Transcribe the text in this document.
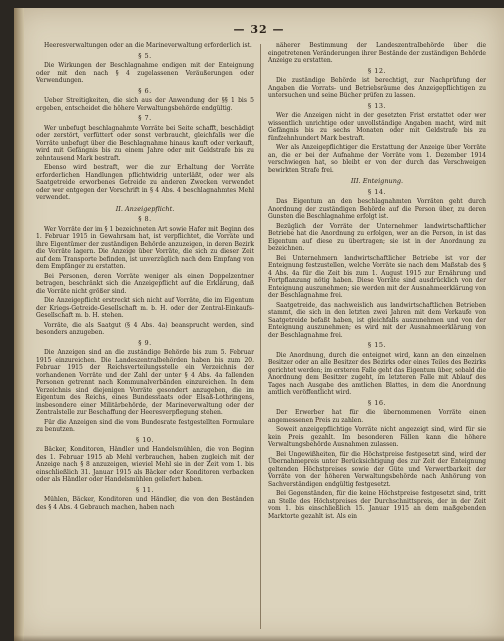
— 32 —

Heeresverwaltungen oder an die Marineverwaltung erforderlich ist.

§ 5.

Die Wirkungen der Beschlagnahme endigen mit der Enteignung oder mit den nach § 4 zugelassenen Veräußerungen oder Verwendungen.

§ 6.

Ueber Streitigkeiten, die sich aus der Anwendung der §§ 1 bis 5 ergeben, entscheidet die höhere Verwaltungsbehörde endgültig.

§ 7.

Wer unbefugt beschlagnahmte Vorräte bei Seite schafft, beschädigt oder zerstört, verfüttert oder sonst verbraucht, gleichfalls wer die Vorräte unbefugt über die Beschlagnahme hinaus kauft oder verkauft, wird mit Gefängnis bis zu einem Jahre oder mit Geldstrafe bis zu zehntausend Mark bestraft.

Ebenso wird bestraft, wer die zur Erhaltung der Vorräte erforderlichen Handlungen pflichtwidrig unterläßt, oder wer als Saatgetreide erworbenes Getreide zu anderen Zwecken verwendet oder wer entgegen der Vorschrift in § 4 Abs. 4 beschlagnahmtes Mehl verwendet.

II. Anzeigepflicht.
§ 8.

Wer Vorräte der im § 1 bezeichneten Art sowie Hafer mit Beginn des 1. Februar 1915 in Gewahrsam hat, ist verpflichtet, die Vorräte und ihre Eigentümer der zuständigen Behörde anzuzeigen, in deren Bezirk die Vorräte lagern. Die Anzeige über Vorräte, die sich zu dieser Zeit auf dem Transporte befinden, ist unverzüglich nach dem Empfang von dem Empfänger zu erstatten.

Bei Personen, deren Vorräte weniger als einen Doppelzentner betragen, beschränkt sich die Anzeigepflicht auf die Erklärung, daß die Vorräte nicht größer sind.

Die Anzeigepflicht erstreckt sich nicht auf Vorräte, die im Eigentum der Kriegs-Getreide-Gesellschaft m. b. H. oder der Zentral-Einkaufs-Gesellschaft m. b. H. stehen.

Vorräte, die als Saatgut (§ 4 Abs. 4a) beansprucht werden, sind besonders anzugeben.

§ 9.

Die Anzeigen sind an die zuständige Behörde bis zum 5. Februar 1915 einzureichen. Die Landeszentralbehörden haben bis zum 20. Februar 1915 der Reichsverteilungsstelle ein Verzeichnis der vorhandenen Vorräte und der Zahl der unter § 4 Abs. 4a fallenden Personen getrennt nach Kommunalverbänden einzureichen. In dem Verzeichnis sind diejenigen Vorräte gesondert anzugeben, die im Eigentum des Reichs, eines Bundesstaats oder Elsaß-Lothringens, insbesondere einer Militärbehörde, der Marineverwaltung oder der Zentralstelle zur Beschaffung der Heeresverpflegung stehen.

Für die Anzeigen sind die vom Bundesrate festgestellten Formulare zu benutzen.

§ 10.

Bäcker, Konditoren, Händler und Handelsmühlen, die von Beginn des 1. Februar 1915 ab Mehl verbrauchen, haben zugleich mit der Anzeige nach § 8 anzuzeigen, wieviel Mehl sie in der Zeit vom 1. bis einschließlich 31. Januar 1915 als Bäcker oder Konditoren verbacken oder als Händler oder Handelsmühlen geliefert haben.

§ 11.

Mühlen, Bäcker, Konditoren und Händler, die von den Beständen des § 4 Abs. 4 Gebrauch machen, haben nach

näherer Bestimmung der Landeszentralbehörde über die eingetretenen Veränderungen ihrer Bestände der zuständigen Behörde Anzeige zu erstatten.

§ 12.

Die zuständige Behörde ist berechtigt, zur Nachprüfung der Angaben die Vorrats- und Betriebsräume des Anzeigepflichtigen zu untersuchen und seine Bücher prüfen zu lassen.

§ 13.

Wer die Anzeigen nicht in der gesetzten Frist erstattet oder wer wissentlich unrichtige oder unvollständige Angaben macht, wird mit Gefängnis bis zu sechs Monaten oder mit Geldstrafe bis zu fünfzehnhundert Mark bestraft.

Wer als Anzeigepflichtiger die Erstattung der Anzeige über Vorräte an, die er bei der Aufnahme der Vorräte vom 1. Dezember 1914 verschwiegen hat, so bleibt er von der durch das Verschweigen bewirkten Strafe frei.

III. Enteignung.
§ 14.

Das Eigentum an den beschlagnahmten Vorräten geht durch Anordnung der zuständigen Behörde auf die Person über, zu deren Gunsten die Beschlagnahme erfolgt ist.

Bezüglich der Vorräte der Unternehmer landwirtschaftlicher Betriebe hat die Anordnung zu erfolgen, wer an die Person, in ist das Eigentum auf diese zu übertragen; sie ist in der Anordnung zu bezeichnen.

Bei Unternehmern landwirtschaftlicher Betriebe ist vor der Enteignung festzustellen, welche Vorräte sie nach dem Maßstab des § 4 Abs. 4a für die Zeit bis zum 1. August 1915 zur Ernährung und Fortpflanzung nötig haben. Diese Vorräte sind ausdrücklich von der Enteignung auszunehmen; sie werden mit der Ausnahmeerklärung von der Beschlagnahme frei.

Saatgetreide, das nachweislich aus landwirtschaftlichen Betrieben stammt, die sich in den letzten zwei Jahren mit dem Verkaufe von Saatgetreide befaßt haben, ist gleichfalls auszunehmen und von der Enteignung auszunehmen; es wird mit der Ausnahmeerklärung von der Beschlagnahme frei.

§ 15.

Die Anordnung, durch die enteignet wird, kann an den einzelnen Besitzer oder an alle Besitzer des Bezirks oder eines Teiles des Bezirks gerichtet werden; im ersteren Falle geht das Eigentum über, sobald die Anordnung dem Besitzer zugeht, im letzteren Falle mit Ablauf des Tages nach Ausgabe des amtlichen Blattes, in dem die Anordnung amtlich veröffentlicht wird.

§ 16.

Der Erwerber hat für die übernommenen Vorräte einen angemessenen Preis zu zahlen.

Soweit anzeigepflichtige Vorräte nicht angezeigt sind, wird für sie kein Preis gezahlt. Im besonderen Fällen kann die höhere Verwaltungsbehörde Ausnahmen zulassen.

Bei Ungewißheiten, für die Höchstpreise festgesetzt sind, wird der Übernahmepreis unter Berücksichtigung des zur Zeit der Enteignung geltenden Höchstpreises sowie der Güte und Verwertbarkeit der Vorräte von der höheren Verwaltungsbehörde nach Anhörung von Sachverständigen endgültig festgesetzt.

Bei Gegenständen, für die keine Höchstpreise festgesetzt sind, tritt an Stelle des Höchstpreises der Durchschnittspreis, der in der Zeit vom 1. bis einschließlich 15. Januar 1915 an dem maßgebenden Marktorte gezahlt ist. Als ein
